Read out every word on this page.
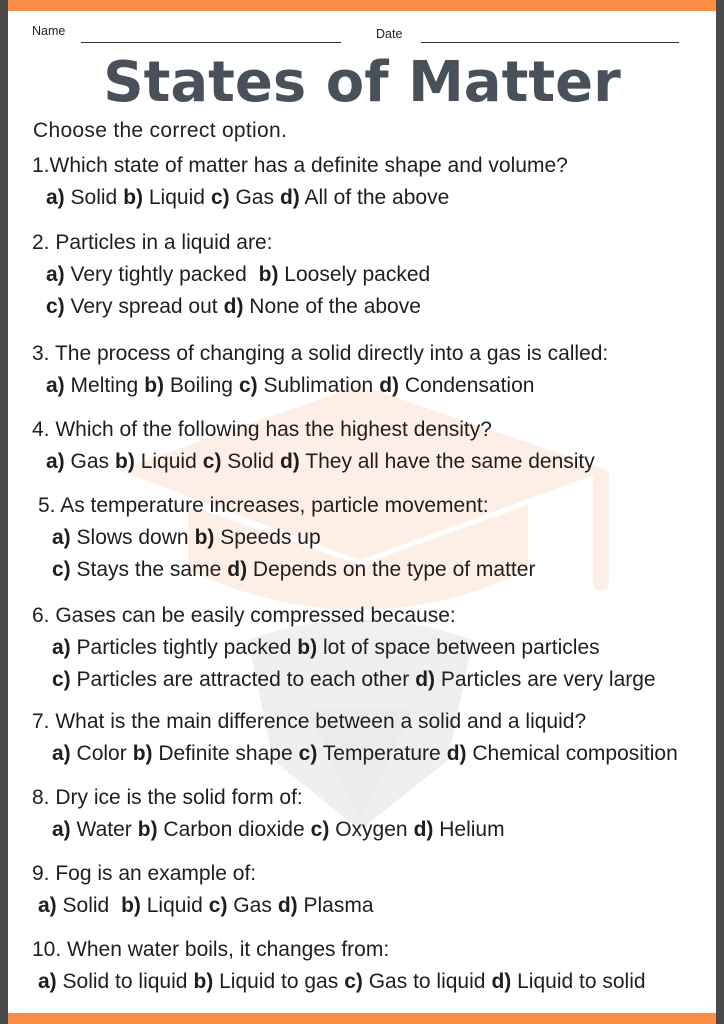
Name	Date
States of Matter
Choose the correct option.
1.Which state of matter has a definite shape and volume?
a) Solid b) Liquid c) Gas d) All of the above
2. Particles in a liquid are:
a) Very tightly packed b) Loosely packed
c) Very spread out d) None of the above
3. The process of changing a solid directly into a gas is called:
a) Melting b) Boiling c) Sublimation d) Condensation
4. Which of the following has the highest density?
a) Gas b) Liquid c) Solid d) They all have the same density
5. As temperature increases, particle movement:
a) Slows down b) Speeds up
c) Stays the same d) Depends on the type of matter
6. Gases can be easily compressed because:
a) Particles tightly packed b) lot of space between particles
c) Particles are attracted to each other d) Particles are very large
7. What is the main difference between a solid and a liquid?
a) Color b) Definite shape c) Temperature d) Chemical composition
8. Dry ice is the solid form of:
a) Water b) Carbon dioxide c) Oxygen d) Helium
9. Fog is an example of:
a) Solid b) Liquid c) Gas d) Plasma
10. When water boils, it changes from:
a) Solid to liquid b) Liquid to gas c) Gas to liquid d) Liquid to solid
